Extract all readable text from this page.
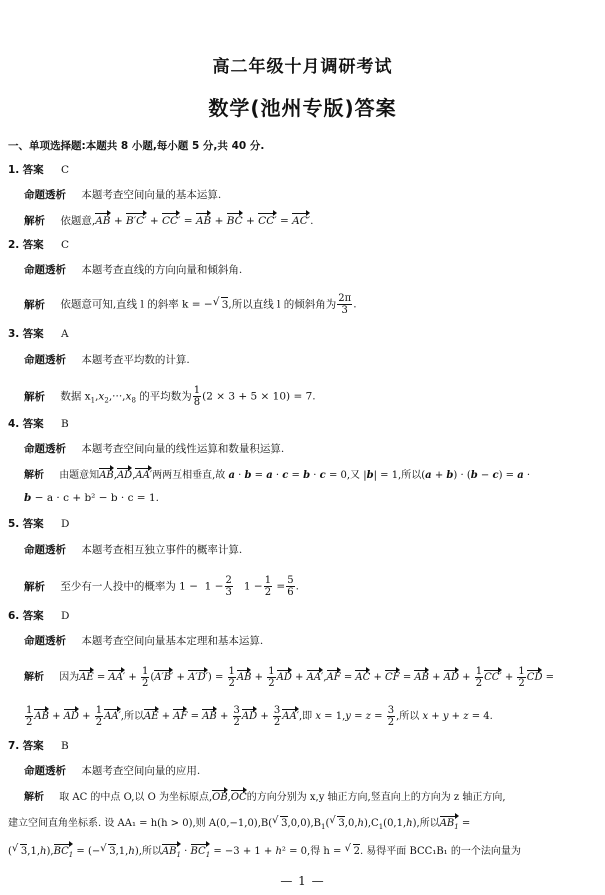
高二年级十月调研考试
数学(池州专版)答案
一、单项选择题:本题共 8 小题,每小题 5 分,共 40 分.
1. 答案 C
命题透析 本题考查空间向量的基本运算.
解析 依题意,AB + B′C′ + CC′ = AB + BC + CC′ = AC′.
2. 答案 C
命题透析 本题考查直线的方向向量和倾斜角.
解析 依题意可知,直线 l 的斜率 k = −√ 3,所以直线 l 的倾斜角为 $\frac{2\pi}{3}$ .
3. 答案 A
命题透析 本题考查平均数的计算.
解析 数据 $x_1,x_2,\cdot\cdot\cdot,x_8$ 的平均数为 $\frac{1}{8} (2 \times 3 + 5 \times 10) = 7$.
4. 答案 B
命题透析 本题考查空间向量的线性运算和数量积运算.
解析 由题意知AB,AD,AA′两两互相垂直,故 a · b = a · c = b · c = 0,又 |b| = 1,所以(a + b) · (b − c) = a ·
b − a · c + b² − b · c = 1.
5. 答案 D
命题透析 本题考查相互独立事件的概率计算.
解析 至少有一人投中的概率为 $1 - 1 - \frac{2}{3} 1 - \frac{1}{2} = \frac{5}{6}$ .
6. 答案 D
命题透析 本题考查空间向量基本定理和基本运算.
解析 因为AE = $AA' + \frac{1}{2} (A'B' + A'D') = \frac{1}{2}$ AB + $\frac{1}{2}$ AD + AA′,AF = AC + CF = AB + AD + $\frac{1}{2} CC' + \frac{1}{2}$ CD =
$\frac{1}{2}$ AB + AD + $\frac{1}{2} AA'$,所以AE + AF = AB + $\frac{3}{2}$ AD + $\frac{3}{2} AA'$,即 $x = 1,y = z = \frac{3}{2}$ ,所以 x + y + z = 4.
7. 答案 B
命题透析 本题考查空间向量的应用.
解析 取 AC 的中点 O,以 O 为坐标原点,OB,OC的方向分别为 x,y 轴正方向,竖直向上的方向为 z 轴正方向,
建立空间直角坐标系. 设 AA₁ = h(h > 0),则 A(0,−1,0),B(√ $3,0,0),B_1(√$ $3,0,h),C_1(0,1,h)$,所以$AB_1$ =
(√ $3,1,h),BC_1$ = (−√ 3,1,h),所以$AB_1 \cdot BC_1 = -3 + 1 + h^2 = 0$,得 h = √ 2. 易得平面 BCC₁B₁ 的一个法向量为
— 1 —
